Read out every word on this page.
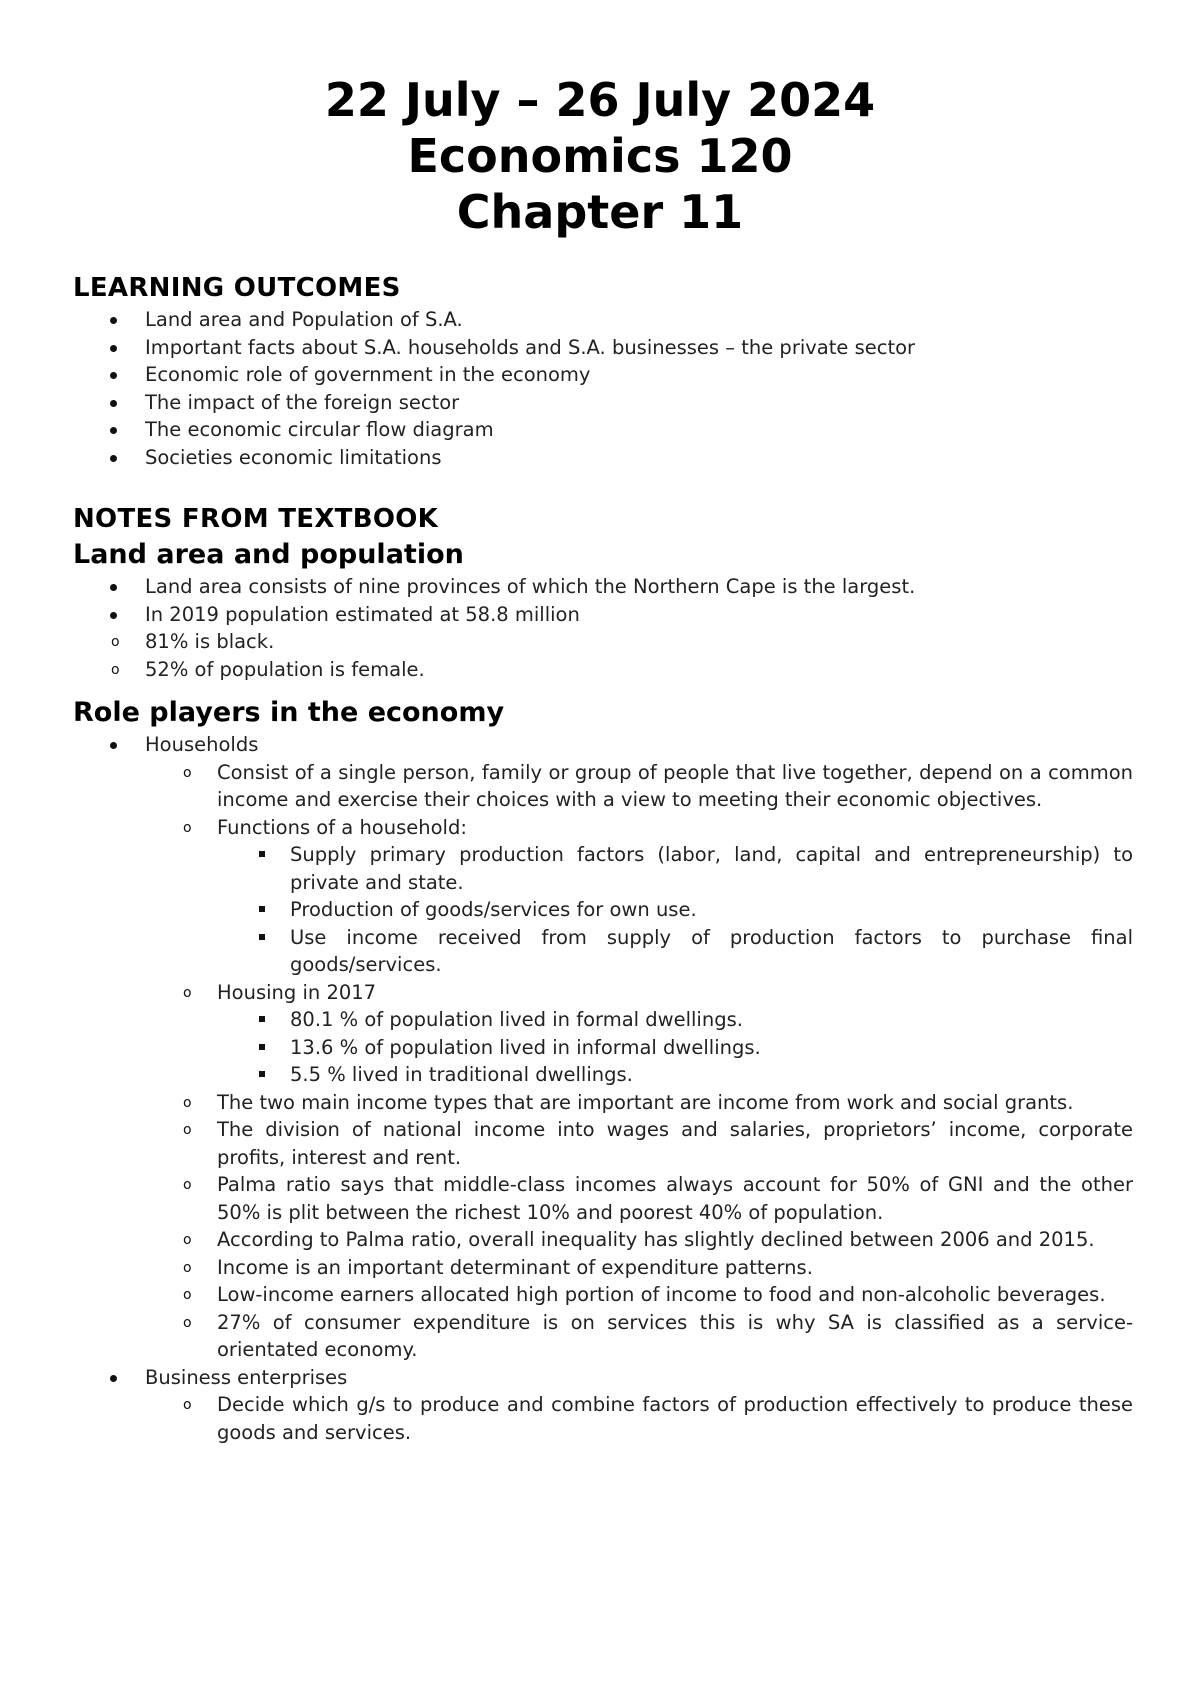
22 July – 26 July 2024
Economics 120
Chapter 11
LEARNING OUTCOMES
Land area and Population of S.A.
Important facts about S.A. households and S.A. businesses – the private sector
Economic role of government in the economy
The impact of the foreign sector
The economic circular flow diagram
Societies economic limitations
NOTES FROM TEXTBOOK
Land area and population
Land area consists of nine provinces of which the Northern Cape is the largest.
In 2019 population estimated at 58.8 million
o 81% is black.
o 52% of population is female.
Role players in the economy
Households
o Consist of a single person, family or group of people that live together, depend on a common income and exercise their choices with a view to meeting their economic objectives.
o Functions of a household:
Supply primary production factors (labor, land, capital and entrepreneurship) to private and state.
Production of goods/services for own use.
Use income received from supply of production factors to purchase final goods/services.
o Housing in 2017
80.1 % of population lived in formal dwellings.
13.6 % of population lived in informal dwellings.
5.5 % lived in traditional dwellings.
o The two main income types that are important are income from work and social grants.
o The division of national income into wages and salaries, proprietors’ income, corporate profits, interest and rent.
o Palma ratio says that middle-class incomes always account for 50% of GNI and the other 50% is plit between the richest 10% and poorest 40% of population.
o According to Palma ratio, overall inequality has slightly declined between 2006 and 2015.
o Income is an important determinant of expenditure patterns.
o Low-income earners allocated high portion of income to food and non-alcoholic beverages.
o 27% of consumer expenditure is on services this is why SA is classified as a service-orientated economy.
Business enterprises
o Decide which g/s to produce and combine factors of production effectively to produce these goods and services.
